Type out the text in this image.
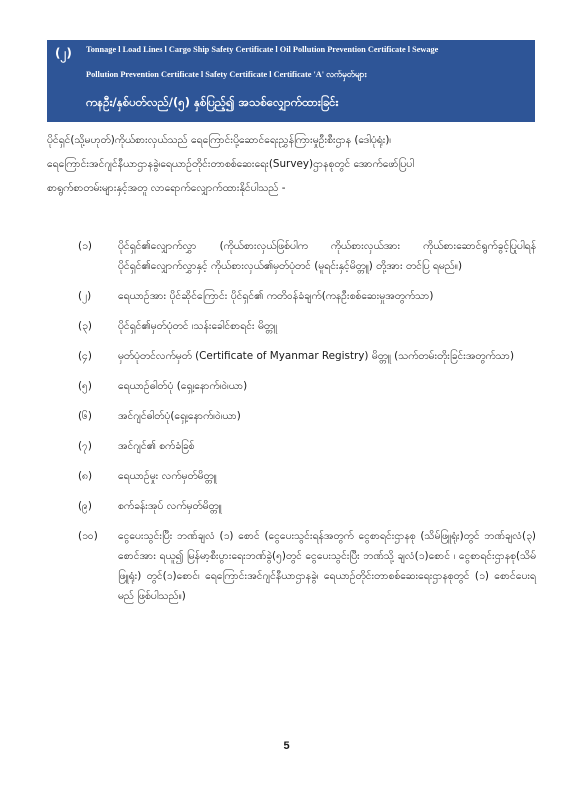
(၂) Tonnage l Load Lines l Cargo Ship Safety Certificate l Oil Pollution Prevention Certificate l Sewage
Pollution Prevention Certificate l Safety Certificate l Certificate 'A' လက်မှတ်များ
ကနဦး/နှစ်ပတ်လည်/(၅) နှစ်ပြည့်၍ အသစ်လျှောက်ထားခြင်း
ပိုင်ရှင်(သို့မဟုတ်)ကိုယ်စားလှယ်သည် ရေကြောင်းပို့ဆောင်ရေးညွှန်ကြားမှုဦးစီးဌာန (ဒေါပုံရုံး)၊
ရေကြောင်းအင်ဂျင်နီယာဌာနခွဲ၊ရေယာဉ်တိုင်းတာစစ်ဆေးရေး(Survey)ဌာနစုတွင် အောက်ဖော်ပြပါ
စာရွက်စာတမ်းများနှင့်အတူ လာရောက်လျှောက်ထားနိုင်ပါသည် -
(၁)	ပိုင်ရှင်၏လျှောက်လွှာ (ကိုယ်စားလှယ်ဖြစ်ပါက ကိုယ်စားလှယ်အား ကိုယ်စားဆောင်ရွက်ခွင့်ပြုပါရန် ပိုင်ရှင်၏လျှောက်လွှာနှင့် ကိုယ်စားလှယ်၏မှတ်ပုံတင် (မူရင်းနှင့်မိတ္တူ) တို့အား တင်ပြ ရမည်။)
(၂)	ရေယာဉ်အား ပိုင်ဆိုင်ကြောင်း ပိုင်ရှင်၏ ကတိဝန်ခံချက်(ကနဦးစစ်ဆေးမှုအတွက်သာ)
(၃)	ပိုင်ရှင်၏မှတ်ပုံတင် ၊သန်းခေါင်စာရင်း မိတ္တူ
(၄)	မှတ်ပုံတင်လက်မှတ် (Certificate of Myanmar Registry) မိတ္တူ (သက်တမ်းတိုးခြင်းအတွက်သာ)
(၅)	ရေယာဉ်ဓါတ်ပုံ (ရှေ့၊နောက်၊ဝဲ၊ယာ)
(၆)	အင်ဂျင်ဓါတ်ပုံ(ရှေ့၊နောက်၊ဝဲ၊ယာ)
(၇)	အင်ဂျင်၏ စက်ခံခြစ်
(၈) ရေယာဉ်မှုး လက်မှတ်မိတ္တူ
(၉)	စက်ခန်းအုပ် လက်မှတ်မိတ္တူ
(၁၀) ငွေပေးသွင်းပြီး ဘဏ်ချလံ (၁) စောင် (ငွေပေးသွင်းရန်အတွက် ငွေစာရင်းဌာနစု (သိမ်ဖြူရုံး)တွင် ဘဏ်ချလံ(၃) စောင်အား ရယူ၍ မြန်မာ့စီးပွားရေးဘဏ်ခွဲ(၅)တွင် ငွေပေးသွင်းပြီး ဘဏ်သို့ ချလံ(၁)စောင် ၊ ငွေစာရင်းဌာနစု(သိမ်ဖြူရုံး) တွင်(၁)စောင်၊ ရေကြောင်းအင်ဂျင်နီယာဌာနခွဲ၊ ရေယာဉ်တိုင်းတာစစ်ဆေးရေးဌာနစုတွင် (၁) စောင်ပေးရမည် ဖြစ်ပါသည်။)
5
